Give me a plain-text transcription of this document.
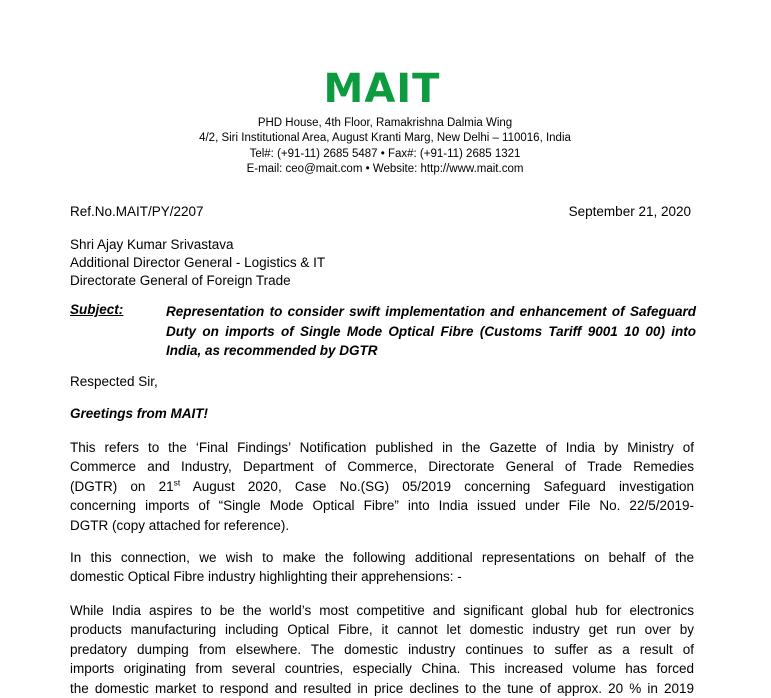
MAIT
PHD House, 4th Floor, Ramakrishna Dalmia Wing
4/2, Siri Institutional Area, August Kranti Marg, New Delhi – 110016, India
Tel#: (+91-11) 2685 5487 • Fax#: (+91-11) 2685 1321
E-mail: ceo@mait.com • Website: http://www.mait.com
Ref.No.MAIT/PY/2207	September 21, 2020
Shri Ajay Kumar Srivastava
Additional Director General - Logistics & IT
Directorate General of Foreign Trade
Subject:	Representation to consider swift implementation and enhancement of Safeguard Duty on imports of Single Mode Optical Fibre (Customs Tariff 9001 10 00) into India, as recommended by DGTR
Respected Sir,
Greetings from MAIT!
This refers to the ‘Final Findings’ Notification published in the Gazette of India by Ministry of
Commerce and Industry, Department of Commerce, Directorate General of Trade Remedies
(DGTR) on 21st August 2020, Case No.(SG) 05/2019 concerning Safeguard investigation
concerning imports of “Single Mode Optical Fibre” into India issued under File No. 22/5/2019-
DGTR (copy attached for reference).
In this connection, we wish to make the following additional representations on behalf of the
domestic Optical Fibre industry highlighting their apprehensions: -
While India aspires to be the world’s most competitive and significant global hub for electronics
products manufacturing including Optical Fibre, it cannot let domestic industry get run over by
predatory dumping from elsewhere. The domestic industry continues to suffer as a result of
imports originating from several countries, especially China. This increased volume has forced
the domestic market to respond and resulted in price declines to the tune of approx. 20 % in 2019
